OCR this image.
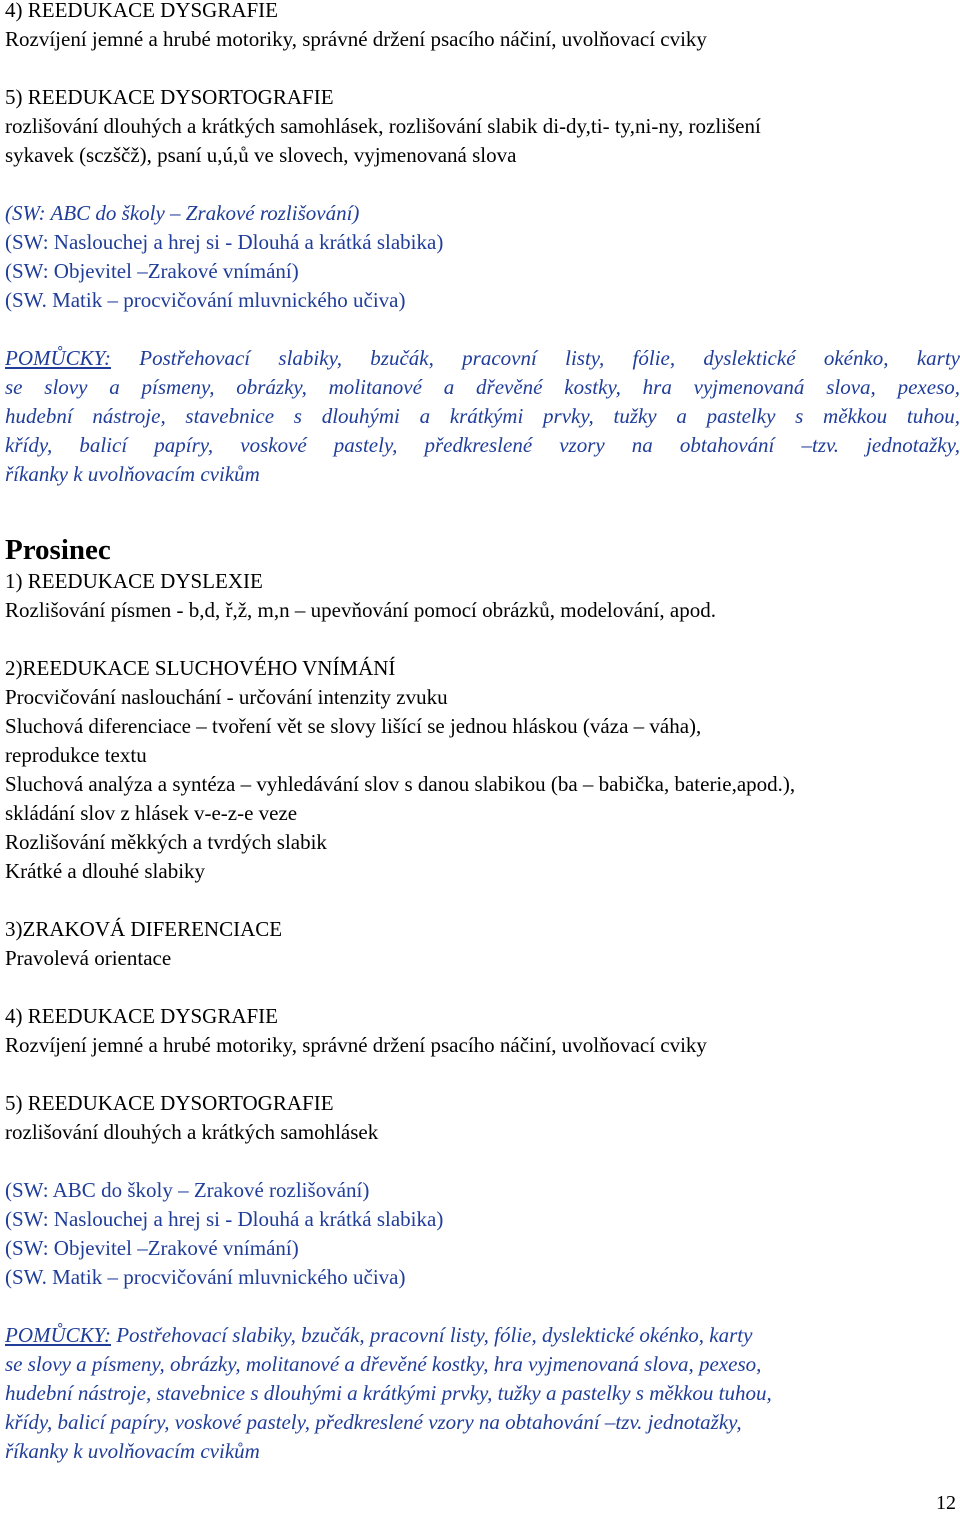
4) REEDUKACE DYSGRAFIE
Rozvíjení jemné a hrubé motoriky, správné držení psacího náčiní, uvolňovací cviky
5) REEDUKACE DYSORTOGRAFIE
rozlišování dlouhých a krátkých samohlásek, rozlišování slabik di-dy,ti- ty,ni-ny, rozlišení
sykavek (sczščž), psaní u,ú,ů ve slovech, vyjmenovaná slova
(SW: ABC do školy – Zrakové rozlišování)
(SW: Naslouchej a hrej si - Dlouhá a krátká slabika)
(SW: Objevitel –Zrakové vnímání)
(SW. Matik – procvičování mluvnického učiva)
POMŮCKY: Postřehovací slabiky, bzučák, pracovní listy, fólie, dyslektické okénko, karty
se slovy a písmeny, obrázky, molitanové a dřevěné kostky, hra vyjmenovaná slova, pexeso,
hudební nástroje, stavebnice s dlouhými a krátkými prvky, tužky a pastelky s měkkou tuhou,
křídy, balicí papíry, voskové pastely, předkreslené vzory na obtahování –tzv. jednotažky,
říkanky k uvolňovacím cvikům
Prosinec
1) REEDUKACE DYSLEXIE
Rozlišování písmen - b,d, ř,ž, m,n – upevňování pomocí obrázků, modelování, apod.
2)REEDUKACE SLUCHOVÉHO VNÍMÁNÍ
Procvičování naslouchání - určování intenzity zvuku
Sluchová diferenciace – tvoření vět se slovy lišící se jednou hláskou (váza – váha),
reprodukce textu
Sluchová analýza a syntéza – vyhledávání slov s danou slabikou (ba – babička, baterie,apod.),
skládání slov z hlásek v-e-z-e veze
Rozlišování měkkých a tvrdých slabik
Krátké a dlouhé slabiky
3)ZRAKOVÁ DIFERENCIACE
Pravolevá orientace
4) REEDUKACE DYSGRAFIE
Rozvíjení jemné a hrubé motoriky, správné držení psacího náčiní, uvolňovací cviky
5) REEDUKACE DYSORTOGRAFIE
rozlišování dlouhých a krátkých samohlásek
(SW: ABC do školy – Zrakové rozlišování)
(SW: Naslouchej a hrej si - Dlouhá a krátká slabika)
(SW: Objevitel –Zrakové vnímání)
(SW. Matik – procvičování mluvnického učiva)
POMŮCKY: Postřehovací slabiky, bzučák, pracovní listy, fólie, dyslektické okénko, karty
se slovy a písmeny, obrázky, molitanové a dřevěné kostky, hra vyjmenovaná slova, pexeso,
hudební nástroje, stavebnice s dlouhými a krátkými prvky, tužky a pastelky s měkkou tuhou,
křídy, balicí papíry, voskové pastely, předkreslené vzory na obtahování –tzv. jednotažky,
říkanky k uvolňovacím cvikům
12
